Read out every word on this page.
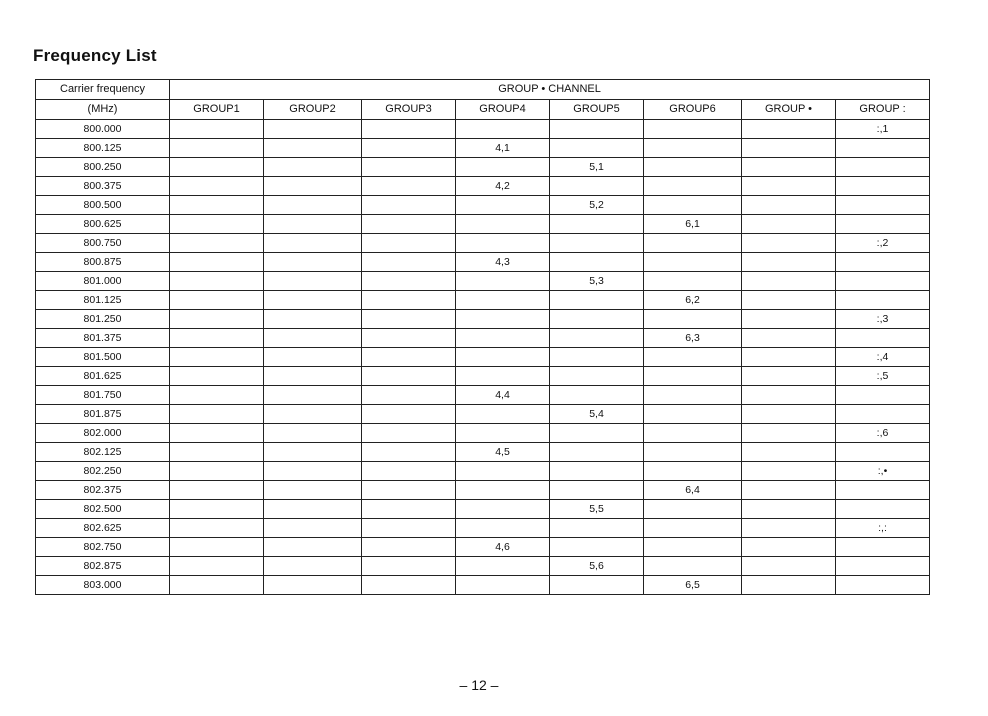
Frequency List
Carrier frequency	GROUP • CHANNEL							
(MHz)	GROUP1	GROUP2	GROUP3	GROUP4	GROUP5	GROUP6	GROUP •	GROUP :
800.000								:,1
800.125				4,1				
800.250					5,1			
800.375				4,2				
800.500					5,2			
800.625						6,1		
800.750								:,2
800.875				4,3				
801.000					5,3			
801.125						6,2		
801.250								:,3
801.375						6,3		
801.500								:,4
801.625								:,5
801.750				4,4				
801.875					5,4			
802.000								:,6
802.125				4,5				
802.250								:,•
802.375						6,4		
802.500					5,5			
802.625								:,:
802.750				4,6				
802.875					5,6			
803.000						6,5		
– 12 –
